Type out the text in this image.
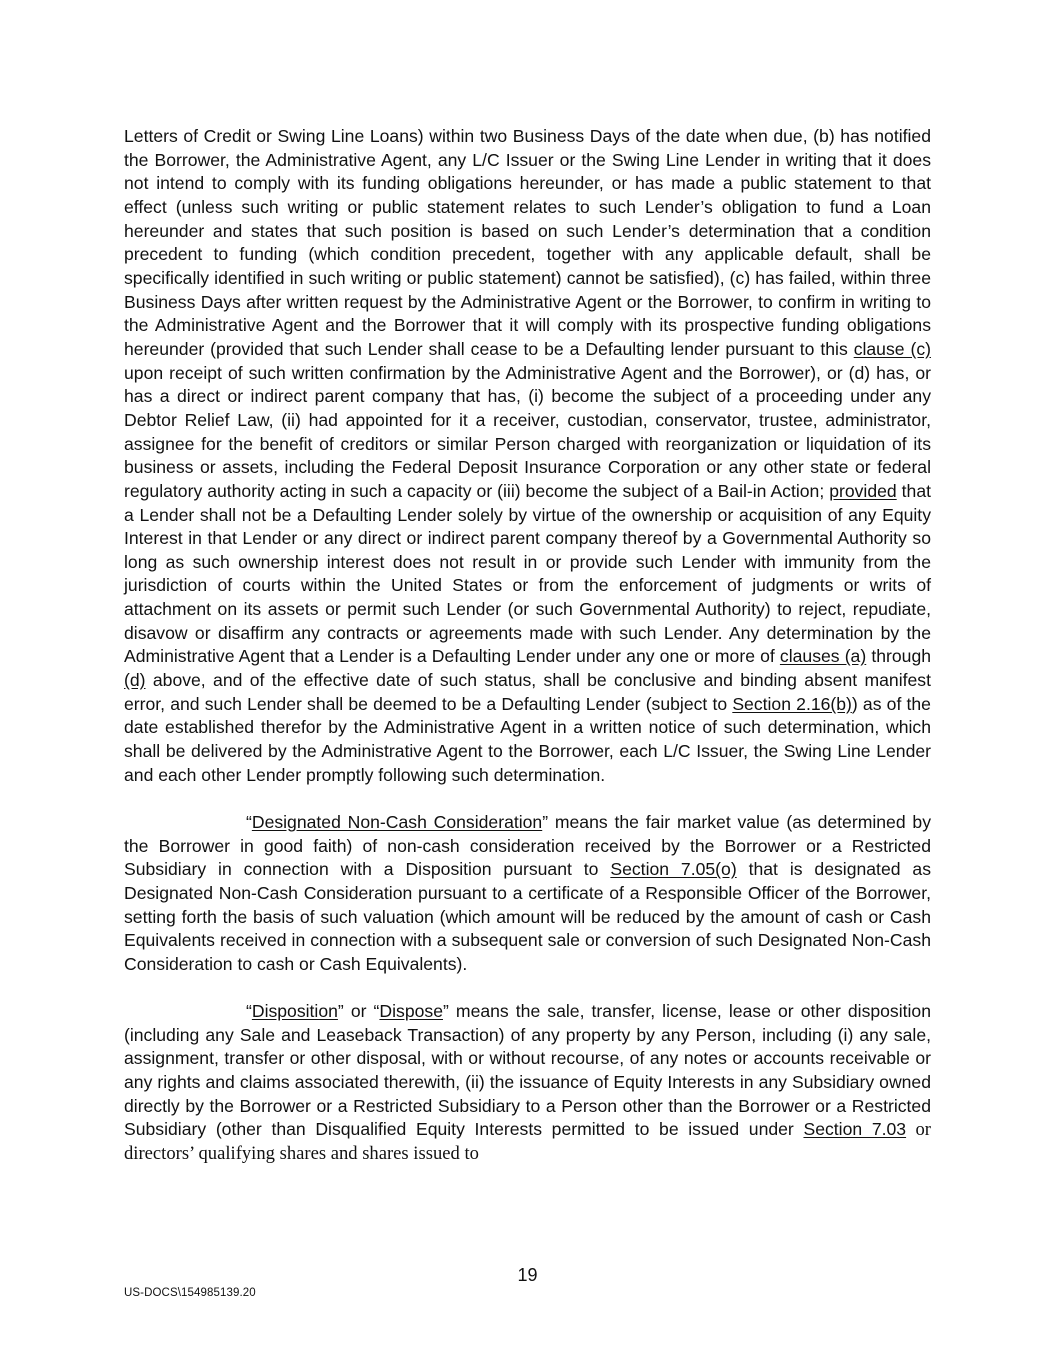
Letters of Credit or Swing Line Loans) within two Business Days of the date when due, (b) has notified the Borrower, the Administrative Agent, any L/C Issuer or the Swing Line Lender in writing that it does not intend to comply with its funding obligations hereunder, or has made a public statement to that effect (unless such writing or public statement relates to such Lender’s obligation to fund a Loan hereunder and states that such position is based on such Lender’s determination that a condition precedent to funding (which condition precedent, together with any applicable default, shall be specifically identified in such writing or public statement) cannot be satisfied), (c) has failed, within three Business Days after written request by the Administrative Agent or the Borrower, to confirm in writing to the Administrative Agent and the Borrower that it will comply with its prospective funding obligations hereunder (provided that such Lender shall cease to be a Defaulting lender pursuant to this clause (c) upon receipt of such written confirmation by the Administrative Agent and the Borrower), or (d) has, or has a direct or indirect parent company that has, (i) become the subject of a proceeding under any Debtor Relief Law, (ii) had appointed for it a receiver, custodian, conservator, trustee, administrator, assignee for the benefit of creditors or similar Person charged with reorganization or liquidation of its business or assets, including the Federal Deposit Insurance Corporation or any other state or federal regulatory authority acting in such a capacity or (iii) become the subject of a Bail-in Action; provided that a Lender shall not be a Defaulting Lender solely by virtue of the ownership or acquisition of any Equity Interest in that Lender or any direct or indirect parent company thereof by a Governmental Authority so long as such ownership interest does not result in or provide such Lender with immunity from the jurisdiction of courts within the United States or from the enforcement of judgments or writs of attachment on its assets or permit such Lender (or such Governmental Authority) to reject, repudiate, disavow or disaffirm any contracts or agreements made with such Lender. Any determination by the Administrative Agent that a Lender is a Defaulting Lender under any one or more of clauses (a) through (d) above, and of the effective date of such status, shall be conclusive and binding absent manifest error, and such Lender shall be deemed to be a Defaulting Lender (subject to Section 2.16(b)) as of the date established therefor by the Administrative Agent in a written notice of such determination, which shall be delivered by the Administrative Agent to the Borrower, each L/C Issuer, the Swing Line Lender and each other Lender promptly following such determination.

“Designated Non-Cash Consideration” means the fair market value (as determined by the Borrower in good faith) of non-cash consideration received by the Borrower or a Restricted Subsidiary in connection with a Disposition pursuant to Section 7.05(o) that is designated as Designated Non-Cash Consideration pursuant to a certificate of a Responsible Officer of the Borrower, setting forth the basis of such valuation (which amount will be reduced by the amount of cash or Cash Equivalents received in connection with a subsequent sale or conversion of such Designated Non-Cash Consideration to cash or Cash Equivalents).

“Disposition” or “Dispose” means the sale, transfer, license, lease or other disposition (including any Sale and Leaseback Transaction) of any property by any Person, including (i) any sale, assignment, transfer or other disposal, with or without recourse, of any notes or accounts receivable or any rights and claims associated therewith, (ii) the issuance of Equity Interests in any Subsidiary owned directly by the Borrower or a Restricted Subsidiary to a Person other than the Borrower or a Restricted Subsidiary (other than Disqualified Equity Interests permitted to be issued under Section 7.03 or directors’ qualifying shares and shares issued to

19
US-DOCS\154985139.20
